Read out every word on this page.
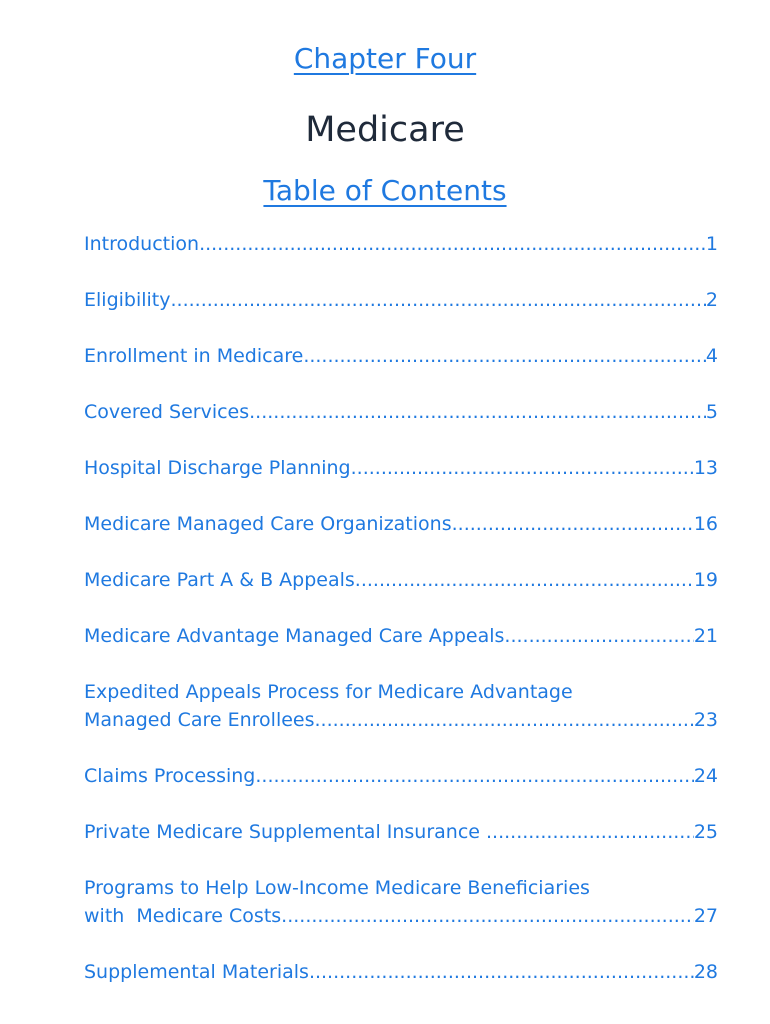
Chapter Four
Medicare
Table of Contents
Introduction .....	1
Eligibility .....	2
Enrollment in Medicare .....	4
Covered Services .....	5
Hospital Discharge Planning .....	13
Medicare Managed Care Organizations .....	16
Medicare Part A & B Appeals .....	19
Medicare Advantage Managed Care Appeals .....	21
Expedited Appeals Process for Medicare Advantage
Managed Care Enrollees .....	23
Claims Processing .....	24
Private Medicare Supplemental Insurance .....	25
Programs to Help Low-Income Medicare Beneficiaries
with  Medicare Costs .....	27
Supplemental Materials .....	28
